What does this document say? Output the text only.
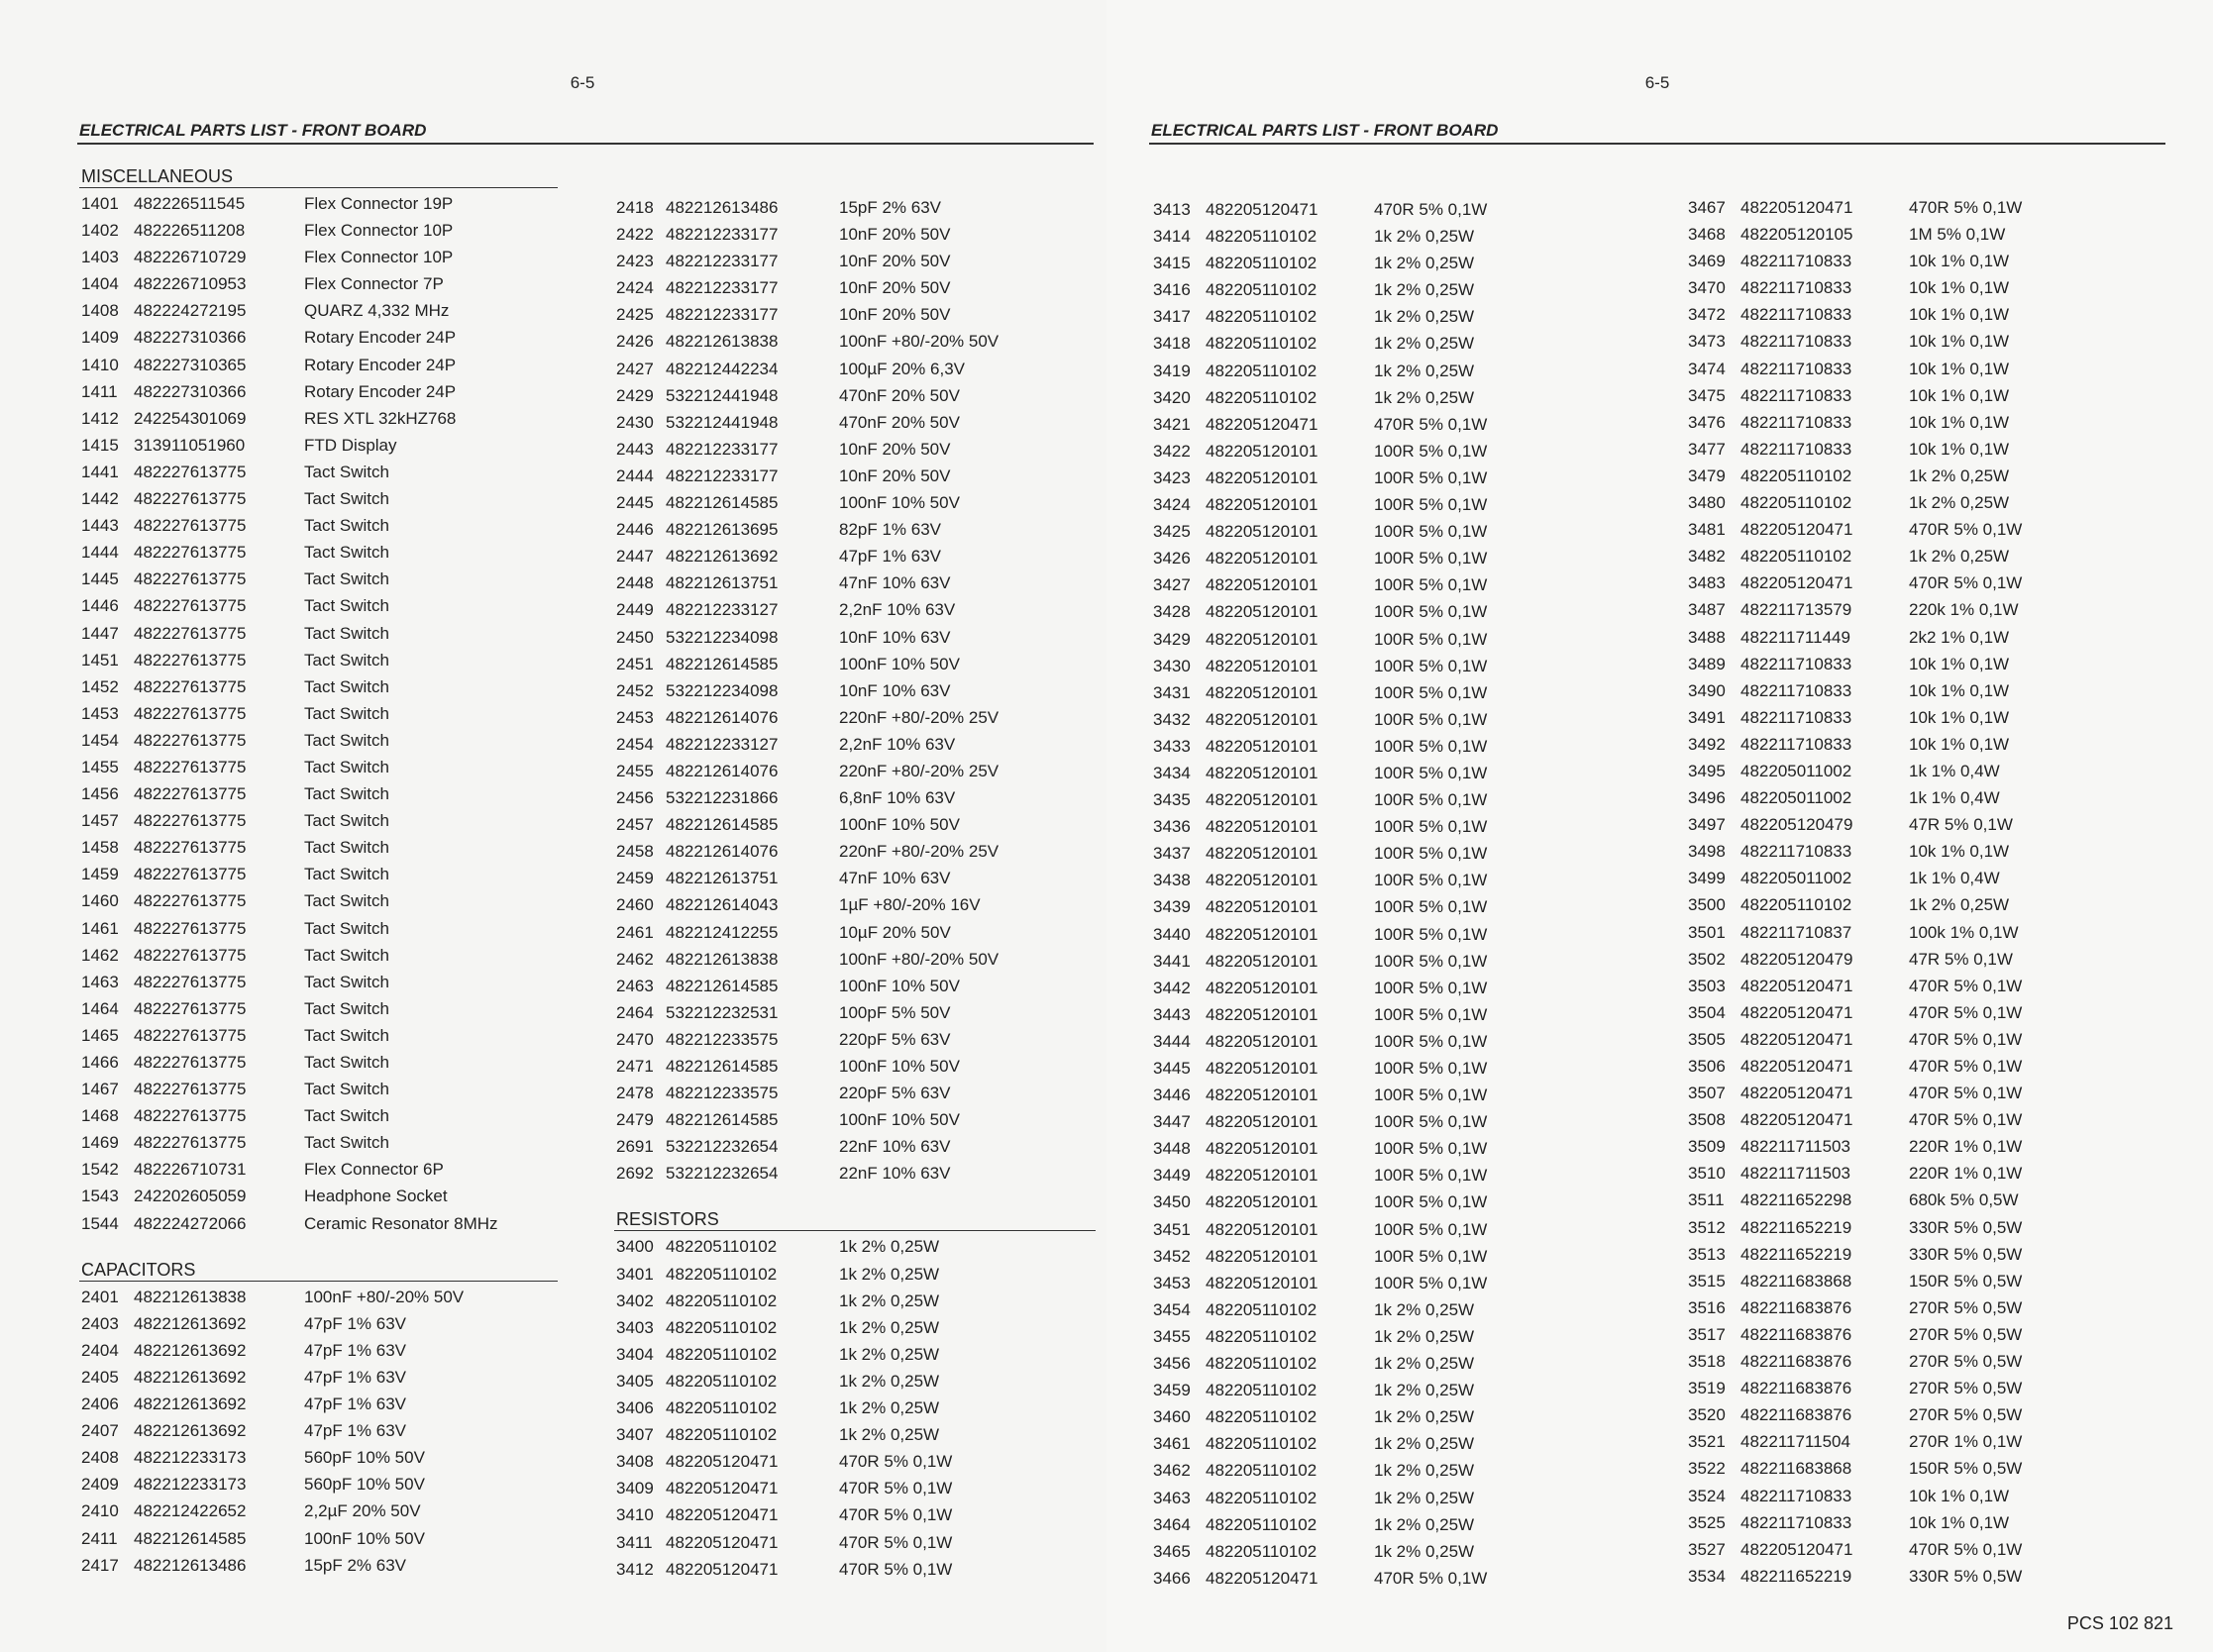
6-5
ELECTRICAL PARTS LIST - FRONT BOARD
MISCELLANEOUS
1401 482226511545	Flex Connector 19P
1402 482226511208	Flex Connector 10P
1403 482226710729	Flex Connector 10P
1404 482226710953	Flex Connector 7P
1408 482224272195	QUARZ 4,332 MHz
1409 482227310366	Rotary Encoder 24P
1410 482227310365	Rotary Encoder 24P
1411 482227310366	Rotary Encoder 24P
1412 242254301069	RES XTL 32kHZ768
1415 313911051960	FTD Display
1441 482227613775	Tact Switch
1442 482227613775	Tact Switch
1443 482227613775	Tact Switch
1444 482227613775	Tact Switch
1445 482227613775	Tact Switch
1446 482227613775	Tact Switch
1447 482227613775	Tact Switch
1451 482227613775	Tact Switch
1452 482227613775	Tact Switch
1453 482227613775	Tact Switch
1454 482227613775	Tact Switch
1455 482227613775	Tact Switch
1456 482227613775	Tact Switch
1457 482227613775	Tact Switch
1458 482227613775	Tact Switch
1459 482227613775	Tact Switch
1460 482227613775	Tact Switch
1461 482227613775	Tact Switch
1462 482227613775	Tact Switch
1463 482227613775	Tact Switch
1464 482227613775	Tact Switch
1465 482227613775	Tact Switch
1466 482227613775	Tact Switch
1467 482227613775	Tact Switch
1468 482227613775	Tact Switch
1469 482227613775	Tact Switch
1542 482226710731	Flex Connector 6P
1543 242202605059	Headphone Socket
1544 482224272066	Ceramic Resonator 8MHz
CAPACITORS
2401 482212613838	100nF +80/-20% 50V
2403 482212613692	47pF 1% 63V
2404 482212613692	47pF 1% 63V
2405 482212613692	47pF 1% 63V
2406 482212613692	47pF 1% 63V
2407 482212613692	47pF 1% 63V
2408 482212233173	560pF 10% 50V
2409 482212233173	560pF 10% 50V
2410 482212422652	2,2µF 20% 50V
2411 482212614585	100nF 10% 50V
2417 482212613486	15pF 2% 63V
2418 482212613486	15pF 2% 63V
2422 482212233177	10nF 20% 50V
2423 482212233177	10nF 20% 50V
2424 482212233177	10nF 20% 50V
2425 482212233177	10nF 20% 50V
2426 482212613838	100nF +80/-20% 50V
2427 482212442234	100µF 20% 6,3V
2429 532212441948	470nF 20% 50V
2430 532212441948	470nF 20% 50V
2443 482212233177	10nF 20% 50V
2444 482212233177	10nF 20% 50V
2445 482212614585	100nF 10% 50V
2446 482212613695	82pF 1% 63V
2447 482212613692	47pF 1% 63V
2448 482212613751	47nF 10% 63V
2449 482212233127	2,2nF 10% 63V
2450 532212234098	10nF 10% 63V
2451 482212614585	100nF 10% 50V
2452 532212234098	10nF 10% 63V
2453 482212614076	220nF +80/-20% 25V
2454 482212233127	2,2nF 10% 63V
2455 482212614076	220nF +80/-20% 25V
2456 532212231866	6,8nF 10% 63V
2457 482212614585	100nF 10% 50V
2458 482212614076	220nF +80/-20% 25V
2459 482212613751	47nF 10% 63V
2460 482212614043	1µF +80/-20% 16V
2461 482212412255	10µF 20% 50V
2462 482212613838	100nF +80/-20% 50V
2463 482212614585	100nF 10% 50V
2464 532212232531	100pF 5% 50V
2470 482212233575	220pF 5% 63V
2471 482212614585	100nF 10% 50V
2478 482212233575	220pF 5% 63V
2479 482212614585	100nF 10% 50V
2691 532212232654	22nF 10% 63V
2692 532212232654	22nF 10% 63V
RESISTORS
3400 482205110102	1k 2% 0,25W
3401 482205110102	1k 2% 0,25W
3402 482205110102	1k 2% 0,25W
3403 482205110102	1k 2% 0,25W
3404 482205110102	1k 2% 0,25W
3405 482205110102	1k 2% 0,25W
3406 482205110102	1k 2% 0,25W
3407 482205110102	1k 2% 0,25W
3408 482205120471	470R 5% 0,1W
3409 482205120471	470R 5% 0,1W
3410 482205120471	470R 5% 0,1W
3411 482205120471	470R 5% 0,1W
3412 482205120471	470R 5% 0,1W
6-5
ELECTRICAL PARTS LIST - FRONT BOARD
3413 482205120471	470R 5% 0,1W
3414 482205110102	1k 2% 0,25W
3415 482205110102	1k 2% 0,25W
3416 482205110102	1k 2% 0,25W
3417 482205110102	1k 2% 0,25W
3418 482205110102	1k 2% 0,25W
3419 482205110102	1k 2% 0,25W
3420 482205110102	1k 2% 0,25W
3421 482205120471	470R 5% 0,1W
3422 482205120101	100R 5% 0,1W
3423 482205120101	100R 5% 0,1W
3424 482205120101	100R 5% 0,1W
3425 482205120101	100R 5% 0,1W
3426 482205120101	100R 5% 0,1W
3427 482205120101	100R 5% 0,1W
3428 482205120101	100R 5% 0,1W
3429 482205120101	100R 5% 0,1W
3430 482205120101	100R 5% 0,1W
3431 482205120101	100R 5% 0,1W
3432 482205120101	100R 5% 0,1W
3433 482205120101	100R 5% 0,1W
3434 482205120101	100R 5% 0,1W
3435 482205120101	100R 5% 0,1W
3436 482205120101	100R 5% 0,1W
3437 482205120101	100R 5% 0,1W
3438 482205120101	100R 5% 0,1W
3439 482205120101	100R 5% 0,1W
3440 482205120101	100R 5% 0,1W
3441 482205120101	100R 5% 0,1W
3442 482205120101	100R 5% 0,1W
3443 482205120101	100R 5% 0,1W
3444 482205120101	100R 5% 0,1W
3445 482205120101	100R 5% 0,1W
3446 482205120101	100R 5% 0,1W
3447 482205120101	100R 5% 0,1W
3448 482205120101	100R 5% 0,1W
3449 482205120101	100R 5% 0,1W
3450 482205120101	100R 5% 0,1W
3451 482205120101	100R 5% 0,1W
3452 482205120101	100R 5% 0,1W
3453 482205120101	100R 5% 0,1W
3454 482205110102	1k 2% 0,25W
3455 482205110102	1k 2% 0,25W
3456 482205110102	1k 2% 0,25W
3459 482205110102	1k 2% 0,25W
3460 482205110102	1k 2% 0,25W
3461 482205110102	1k 2% 0,25W
3462 482205110102	1k 2% 0,25W
3463 482205110102	1k 2% 0,25W
3464 482205110102	1k 2% 0,25W
3465 482205110102	1k 2% 0,25W
3466 482205120471	470R 5% 0,1W
3467 482205120471	470R 5% 0,1W
3468 482205120105	1M 5% 0,1W
3469 482211710833	10k 1% 0,1W
3470 482211710833	10k 1% 0,1W
3472 482211710833	10k 1% 0,1W
3473 482211710833	10k 1% 0,1W
3474 482211710833	10k 1% 0,1W
3475 482211710833	10k 1% 0,1W
3476 482211710833	10k 1% 0,1W
3477 482211710833	10k 1% 0,1W
3479 482205110102	1k 2% 0,25W
3480 482205110102	1k 2% 0,25W
3481 482205120471	470R 5% 0,1W
3482 482205110102	1k 2% 0,25W
3483 482205120471	470R 5% 0,1W
3487 482211713579	220k 1% 0,1W
3488 482211711449	2k2 1% 0,1W
3489 482211710833	10k 1% 0,1W
3490 482211710833	10k 1% 0,1W
3491 482211710833	10k 1% 0,1W
3492 482211710833	10k 1% 0,1W
3495 482205011002	1k 1% 0,4W
3496 482205011002	1k 1% 0,4W
3497 482205120479	47R 5% 0,1W
3498 482211710833	10k 1% 0,1W
3499 482205011002	1k 1% 0,4W
3500 482205110102	1k 2% 0,25W
3501 482211710837	100k 1% 0,1W
3502 482205120479	47R 5% 0,1W
3503 482205120471	470R 5% 0,1W
3504 482205120471	470R 5% 0,1W
3505 482205120471	470R 5% 0,1W
3506 482205120471	470R 5% 0,1W
3507 482205120471	470R 5% 0,1W
3508 482205120471	470R 5% 0,1W
3509 482211711503	220R 1% 0,1W
3510 482211711503	220R 1% 0,1W
3511 482211652298	680k 5% 0,5W
3512 482211652219	330R 5% 0,5W
3513 482211652219	330R 5% 0,5W
3515 482211683868	150R 5% 0,5W
3516 482211683876	270R 5% 0,5W
3517 482211683876	270R 5% 0,5W
3518 482211683876	270R 5% 0,5W
3519 482211683876	270R 5% 0,5W
3520 482211683876	270R 5% 0,5W
3521 482211711504	270R 1% 0,1W
3522 482211683868	150R 5% 0,5W
3524 482211710833	10k 1% 0,1W
3525 482211710833	10k 1% 0,1W
3527 482205120471	470R 5% 0,1W
3534 482211652219	330R 5% 0,5W
PCS 102 821
